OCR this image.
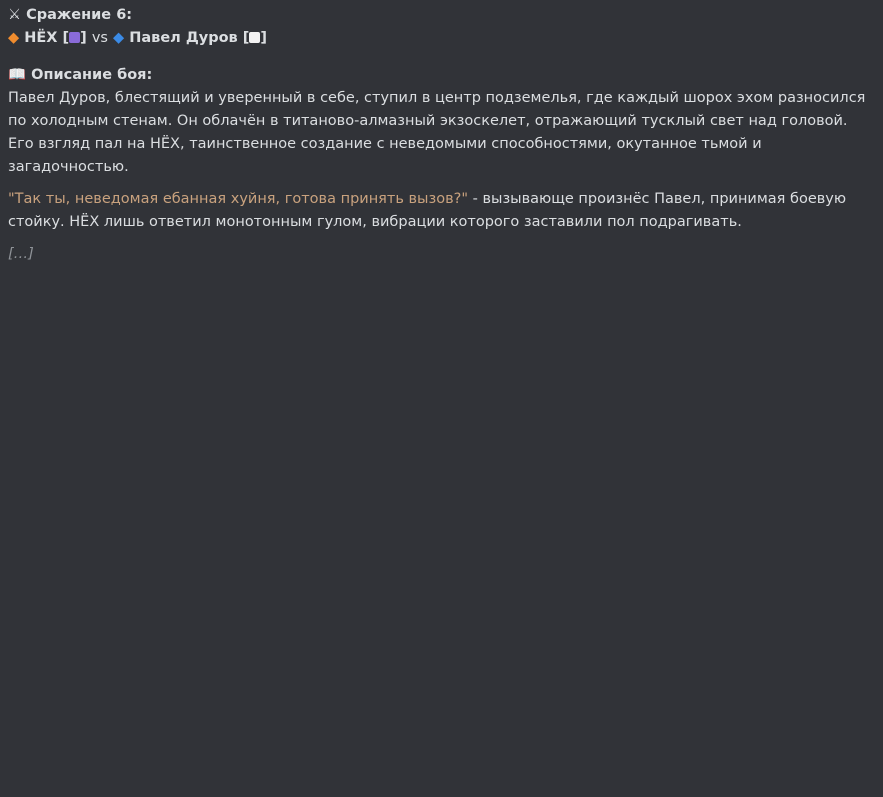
⚔ Сражение 6:
◆ НЁХ [ ] vs ◆ Павел Дуров [ ]
📖 Описание боя:

Павел Дуров, блестящий и уверенный в себе, ступил в центр подземелья, где каждый шорох эхом разносился по холодным стенам. Он облачён в титаново-алмазный экзоскелет, отражающий тусклый свет над головой. Его взгляд пал на НЁХ, таинственное создание с неведомыми способностями, окутанное тьмой и загадочностью.

"Так ты, неведомая ебанная хуйня, готова принять вызов?" - вызывающе произнёс Павел, принимая боевую стойку. НЁХ лишь ответил монотонным гулом, вибрации которого заставили пол подрагивать.

[…]
